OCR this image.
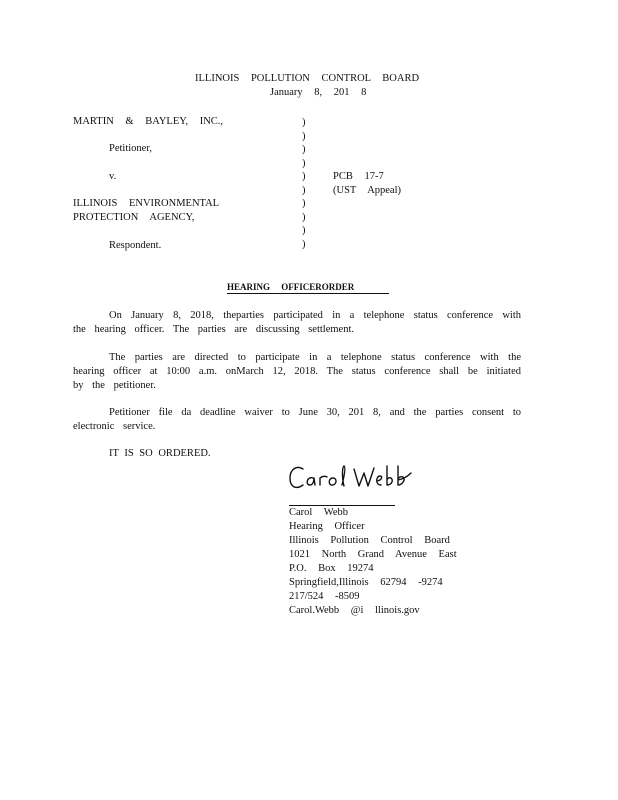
ILLINOIS POLLUTION CONTROL BOARD
January 8, 201 8
MARTIN & BAYLEY, INC.,
Petitioner,
v.
ILLINOIS ENVIRONMENTAL
PROTECTION AGENCY,
Respondent.
)
)
)
)
)
)
)
)
)
)
PCB 17-7
(UST Appeal)
HEARING OFFICERORDER
On January 8, 2018, theparties participated in a telephone status conference with the hearing officer. The parties are discussing settlement.
The parties are directed to participate in a telephone status conference with the hearing officer at 10:00 a.m. onMarch 12, 2018. The status conference shall be initiated by the petitioner.
Petitioner file da deadline waiver to June 30, 201 8, and the parties consent to electronic service.
IT IS SO ORDERED.
Carol Webb
Hearing Officer
Illinois Pollution Control Board
1021 North Grand Avenue East
P.O. Box 19274
Springfield,Illinois 62794 -9274
217/524 -8509
Carol.Webb @i llinois.gov
